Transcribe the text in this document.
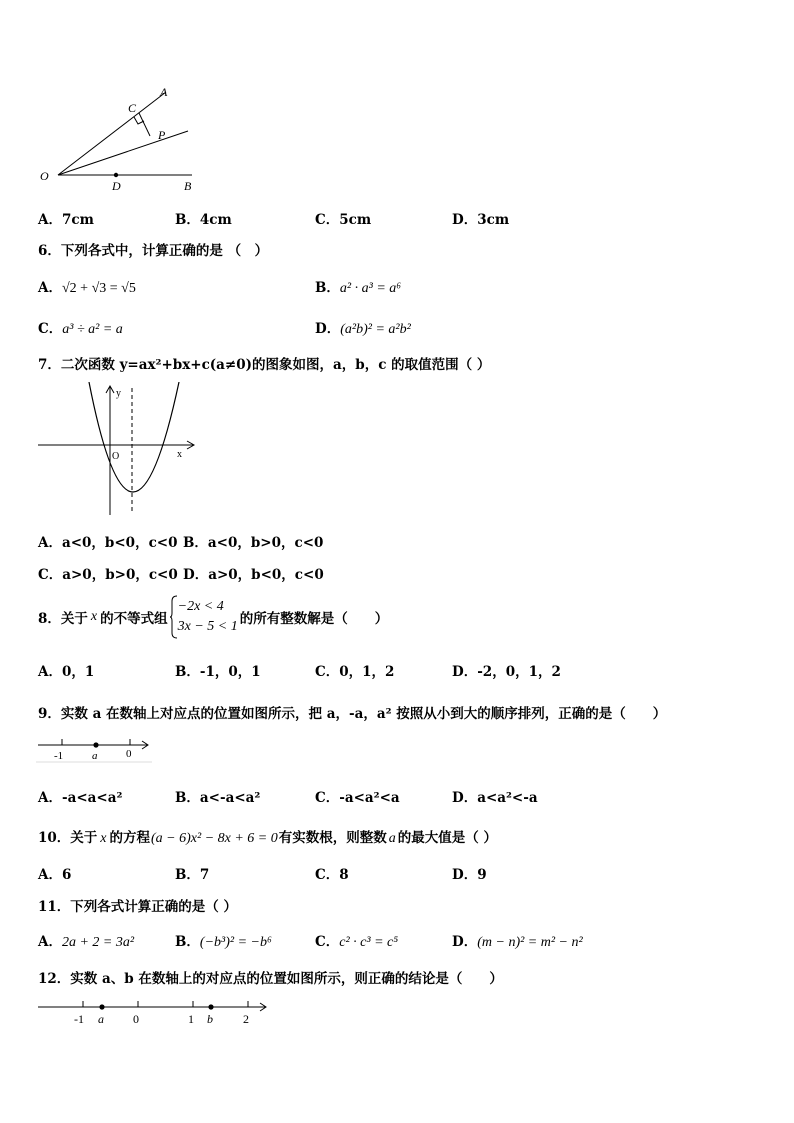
A
C
P
O
D	B
A．7cm	B．4cm	C．5cm	D．3cm
6．下列各式中，计算正确的是 （　）
A．√2 + √3 = √5	B．a² · a³ = a⁶
C．a³ ÷ a² = a	D．(a²b)² = a²b²
7．二次函数 y=ax²+bx+c(a≠0)的图象如图，a，b，c 的取值范围（ ）
y
x
O
A．a<0，b<0，c<0 B．a<0，b>0，c<0
C．a>0，b>0，c<0 D．a>0，b<0，c<0
8．关于 x 的不等式组
−2x < 4
3x − 5 < 1 的所有整数解是（　　）
A．0，1	B．-1，0，1	C．0，1，2	D．-2，0，1，2
9．实数 a 在数轴上对应点的位置如图所示，把 a，-a，a² 按照从小到大的顺序排列，正确的是（　　）
-1	a	0
A．-a<a<a²	B．a<-a<a²	C．-a<a²<a	D．a<a²<-a
10．关于 x 的方程(a − 6)x² − 8x + 6 = 0有实数根，则整数 a 的最大值是（ ）
A．6	B．7	C．8	D．9
11．下列各式计算正确的是（ ）
A．2a + 2 = 3a²	B．(−b³)² = −b⁶	C．c² · c³ = c⁵	D．(m − n)² = m² − n²
12．实数 a、b 在数轴上的对应点的位置如图所示，则正确的结论是（　　）
-1 a 0	1 b	2
